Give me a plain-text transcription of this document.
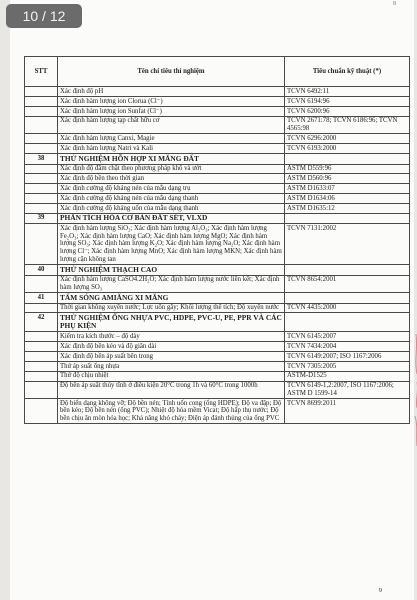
10 / 12
8
STT	Tên chỉ tiêu thí nghiệm	Tiêu chuẩn kỹ thuật (*)
	Xác định độ pH	TCVN 6492:11
	Xác định hàm lượng ion Clorua (Cl⁻)	TCVN 6194:96
	Xác định hàm lượng ion Sunfat (Cl⁻)	TCVN 6200:96
	Xác định hàm lượng tạp chất hữu cơ	TCVN 2671:78; TCVN 6186:96; TCVN 4565:98
	Xác định hàm lượng Canxi, Magie	TCVN 6296:2000
	Xác định hàm lượng Natri và Kali	TCVN 6193:2000
38	THỬ NGHIỆM HỖN HỢP XI MĂNG ĐẤT	
	Xác định độ đầm chặt theo phương pháp khô và ướt	ASTM D559:96
	Xác định độ bền theo thời gian	ASTM D560:96
	Xác định cường độ kháng nén của mẫu dạng trụ	ASTM D1633:07
	Xác định cường độ kháng nén của mẫu dạng thanh	ASTM D1634:06
	Xác định cường độ kháng uốn của mẫu dạng thanh	ASTM D1635:12
39	PHÂN TÍCH HÓA CƠ BẢN ĐẤT SÉT, VLXD	
	Xác định hàm lượng SiO₂; Xác định hàm lượng Al₂O₃; Xác định hàm lượng Fe₂O₃; Xác định hàm lượng CaO; Xác định hàm lượng MgO; Xác định hàm lượng SO₃; Xác định hàm lượng K₂O; Xác định hàm lượng Na₂O; Xác định hàm lượng Cl⁻; Xác định hàm lượng MnO; Xác định hàm lượng MKN; Xác định hàm lượng cặn không tan	TCVN 7131:2002
40	THỬ NGHIỆM THẠCH CAO	
	Xác định hàm lượng CaSO4.2H₂O; Xác định hàm lượng nước liên kết; Xác định hàm lượng SO₃	TCVN 8654:2001
41	TẤM SÓNG AMIĂNG XI MĂNG	
	Thời gian không xuyên nước; Lực uốn gãy; Khối lượng thể tích; Độ xuyên nước	TCVN 4435:2000
42	THỬ NGHIỆM ỐNG NHỰA PVC, HDPE, PVC-U, PE, PPR VÀ CÁC PHỤ KIỆN	
	Kiểm tra kích thước – độ dày	TCVN 6145:2007
	Xác định độ bền kéo và độ giãn dài	TCVN 7434:2004
	Xác định độ bền áp suất bên trong	TCVN 6149:2007; ISO 1167:2006
	Thử áp suất ống nhựa	TCVN 7305:2005
	Thử độ chịu nhiệt	ASTM-D1525
	Độ bền áp suất thủy tĩnh ở điều kiện 20°C trong 1h và 60°C trong 1000h	TCVN 6149-1,2:2007, ISO 1167:2006; ASTM D 1599-14
	Độ biến dạng không vỡ; Độ bền nén; Tính uốn cong (ống HDPE); Độ va đập; Độ bền kéo; Độ bền nén (ống PVC); Nhiệt độ hóa mềm Vicat; Độ hấp thụ nước; Độ bền chịu ăn mòn hóa học; Khả năng khó cháy; Điện áp đánh thủng của ống PVC	TCVN 8699:2011
9
